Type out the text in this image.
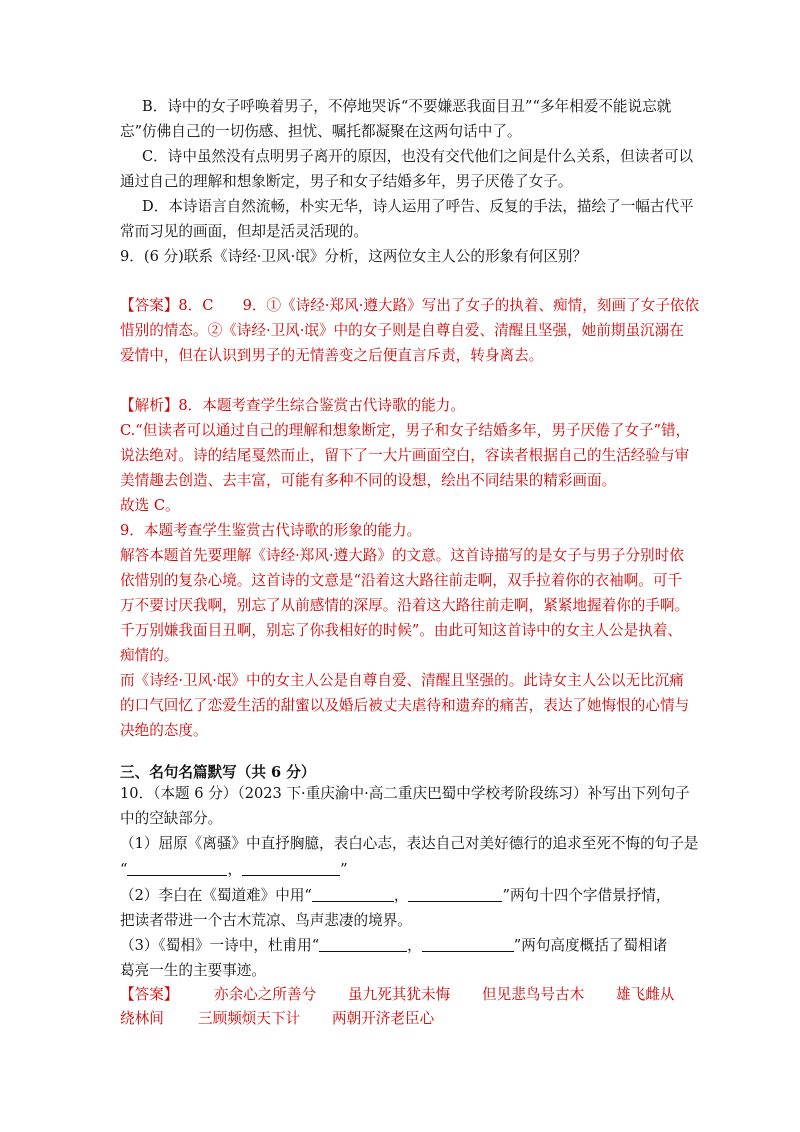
B．诗中的女子呼唤着男子，不停地哭诉“不要嫌恶我面目丑”“多年相爱不能说忘就
忘”仿佛自己的一切伤感、担忧、嘱托都凝聚在这两句话中了。
C．诗中虽然没有点明男子离开的原因，也没有交代他们之间是什么关系，但读者可以
通过自己的理解和想象断定，男子和女子结婚多年，男子厌倦了女子。
D．本诗语言自然流畅，朴实无华，诗人运用了呼告、反复的手法，描绘了一幅古代平
常而习见的画面，但却是活灵活现的。
9．(6 分)联系《诗经·卫风·氓》分析，这两位女主人公的形象有何区别？
【答案】8．C　　9．①《诗经·郑风·遵大路》写出了女子的执着、痴情，刻画了女子依依
惜别的情态。②《诗经·卫风·氓》中的女子则是自尊自爱、清醒且坚强，她前期虽沉溺在
爱情中，但在认识到男子的无情善变之后便直言斥责，转身离去。
【解析】8．本题考查学生综合鉴赏古代诗歌的能力。
C.“但读者可以通过自己的理解和想象断定，男子和女子结婚多年，男子厌倦了女子”错，
说法绝对。诗的结尾戛然而止，留下了一大片画面空白，容读者根据自己的生活经验与审
美情趣去创造、去丰富，可能有多种不同的设想，绘出不同结果的精彩画面。
故选 C。
9．本题考查学生鉴赏古代诗歌的形象的能力。
解答本题首先要理解《诗经·郑风·遵大路》的文意。这首诗描写的是女子与男子分别时依
依惜别的复杂心境。这首诗的文意是“沿着这大路往前走啊，双手拉着你的衣袖啊。可千
万不要讨厌我啊，别忘了从前感情的深厚。沿着这大路往前走啊，紧紧地握着你的手啊。
千万别嫌我面目丑啊，别忘了你我相好的时候”。由此可知这首诗中的女主人公是执着、
痴情的。
而《诗经·卫风·氓》中的女主人公是自尊自爱、清醒且坚强的。此诗女主人公以无比沉痛
的口气回忆了恋爱生活的甜蜜以及婚后被丈夫虐待和遗弃的痛苦，表达了她悔恨的心情与
决绝的态度。
三、名句名篇默写（共 6 分）
10．（本题 6 分）（2023 下·重庆渝中·高二重庆巴蜀中学校考阶段练习）补写出下列句子
中的空缺部分。
（1）屈原《离骚》中直抒胸臆，表白心志，表达自己对美好德行的追求至死不悔的句子是
“	，	”
（2）李白在《蜀道难》中用“	，	”两句十四个字借景抒情，
把读者带进一个古木荒凉、鸟声悲凄的境界。
（3）《蜀相》一诗中，杜甫用“	，	”两句高度概括了蜀相诸
葛亮一生的主要事迹。
【答案】 亦余心之所善兮 虽九死其犹未悔 但见悲鸟号古木 雄飞雌从
绕林间 三顾频烦天下计 两朝开济老臣心
